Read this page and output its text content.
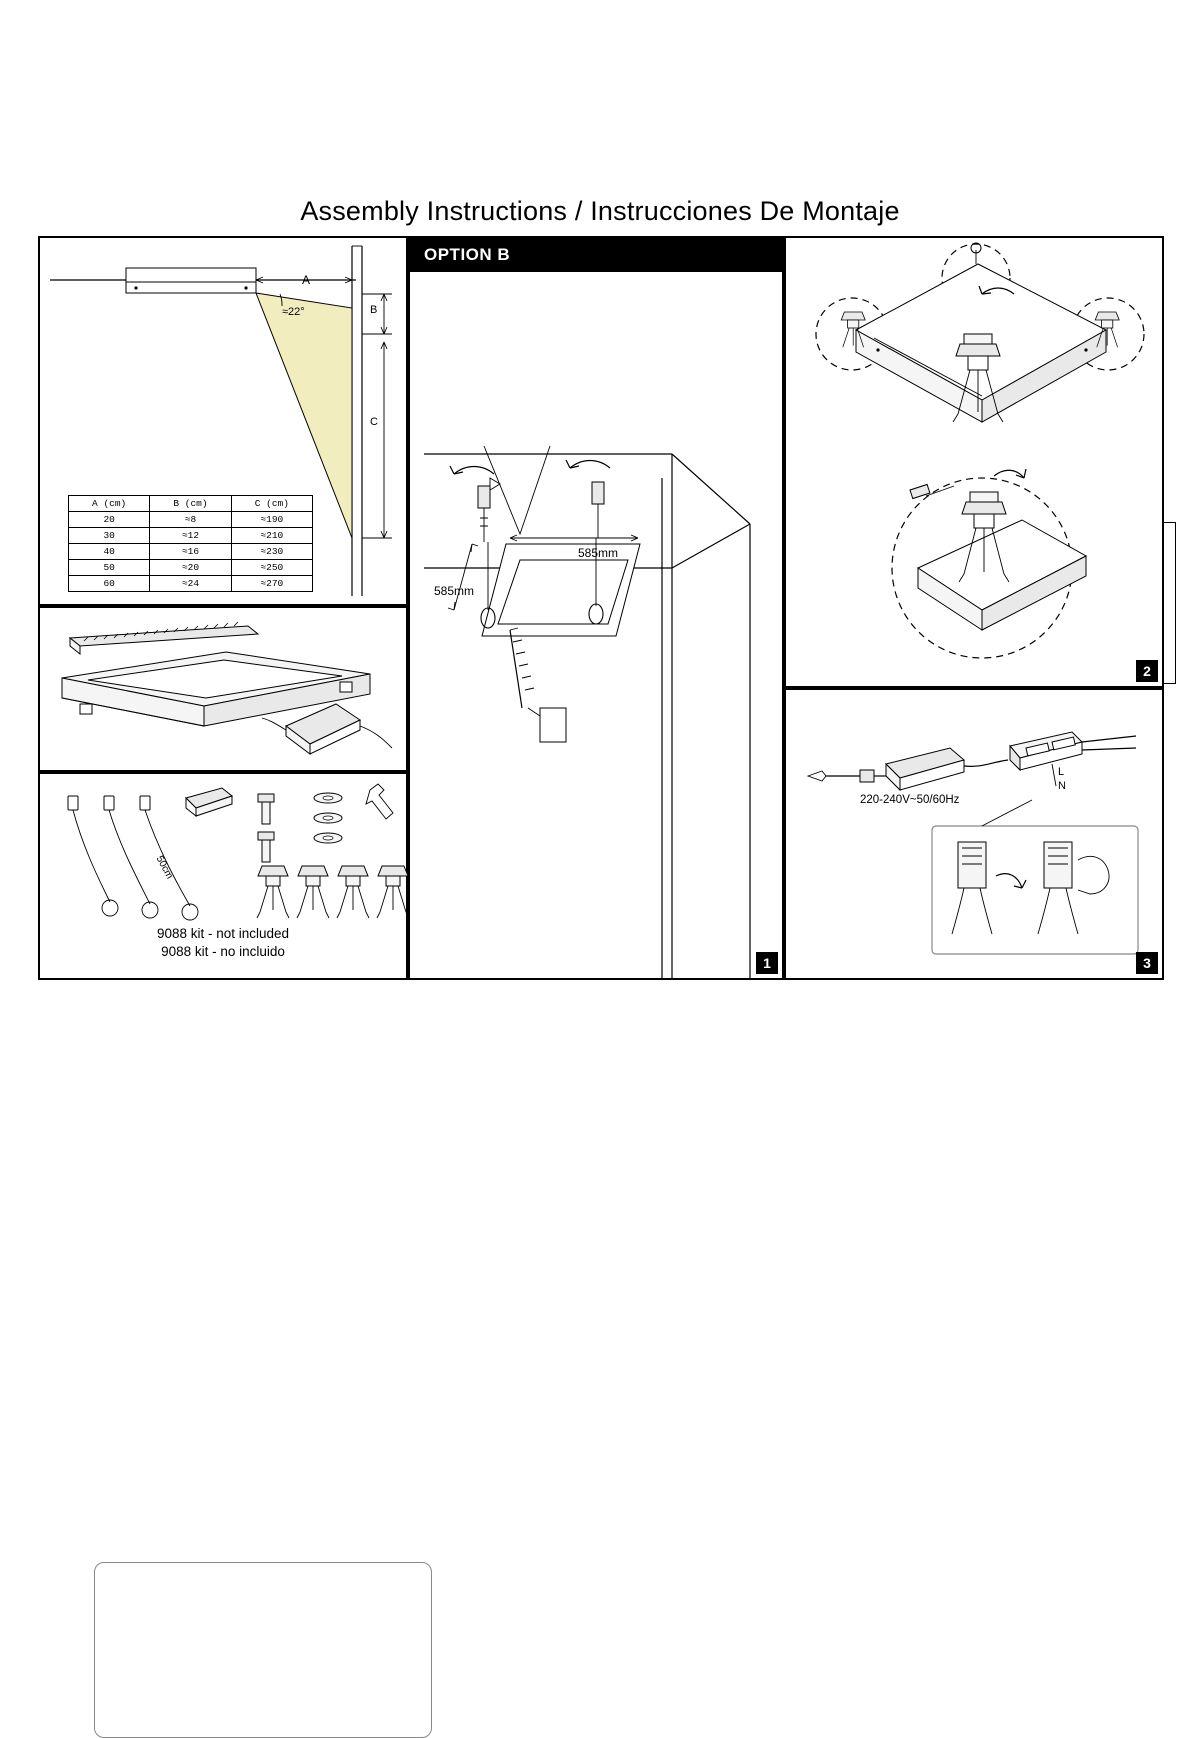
Assembly Instructions / Instrucciones De Montaje
A
B
C
≈22°
A (cm)	B (cm)	C (cm)
20	≈8	≈190
30	≈12	≈210
40	≈16	≈230
50	≈20	≈250
60	≈24	≈270
50cm
9088 kit - not included
9088 kit - no incluido
OPTION B

585mm
585mm
1
2
L
N
220-240V~50/60Hz
3
